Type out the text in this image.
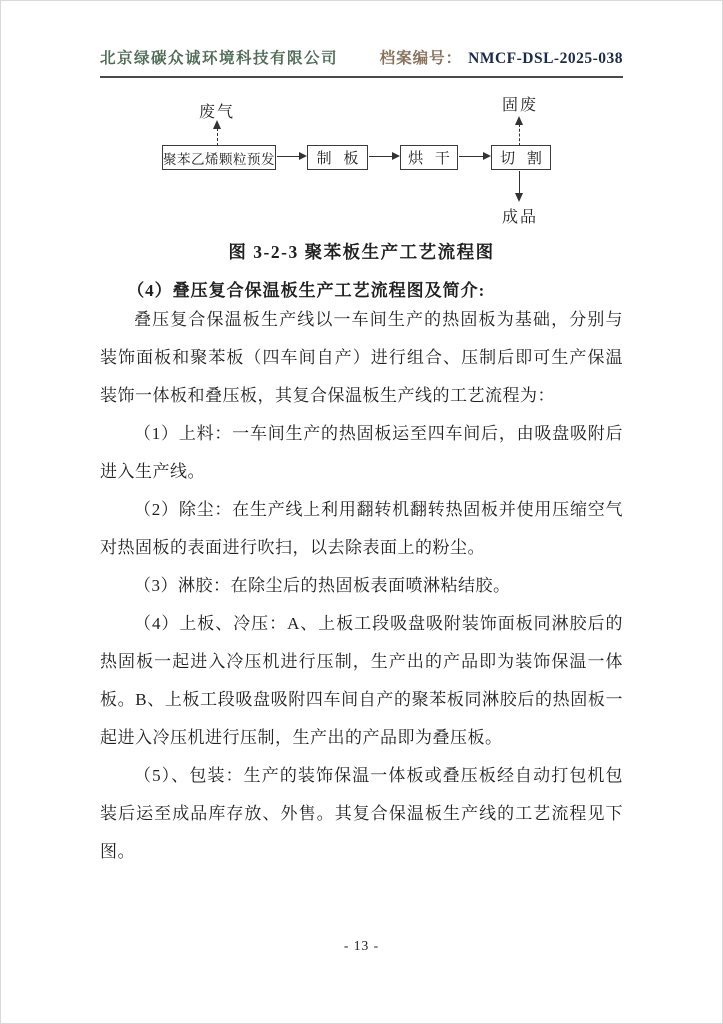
北京绿碳众诚环境科技有限公司	档案编号： NMCF-DSL-2025-038
废气
聚苯乙烯颗粒预发	制 板	烘 干	切 割
固废
成品
图 3-2-3 聚苯板生产工艺流程图
（4）叠压复合保温板生产工艺流程图及简介:

叠压复合保温板生产线以一车间生产的热固板为基础，分别与装饰面板和聚苯板（四车间自产）进行组合、压制后即可生产保温装饰一体板和叠压板，其复合保温板生产线的工艺流程为：

（1）上料：一车间生产的热固板运至四车间后，由吸盘吸附后进入生产线。

（2）除尘：在生产线上利用翻转机翻转热固板并使用压缩空气对热固板的表面进行吹扫，以去除表面上的粉尘。

（3）淋胶：在除尘后的热固板表面喷淋粘结胶。

（4）上板、冷压：A、上板工段吸盘吸附装饰面板同淋胶后的热固板一起进入冷压机进行压制，生产出的产品即为装饰保温一体板。B、上板工段吸盘吸附四车间自产的聚苯板同淋胶后的热固板一起进入冷压机进行压制，生产出的产品即为叠压板。

（5）、包装：生产的装饰保温一体板或叠压板经自动打包机包装后运至成品库存放、外售。其复合保温板生产线的工艺流程见下图。

- 13 -
